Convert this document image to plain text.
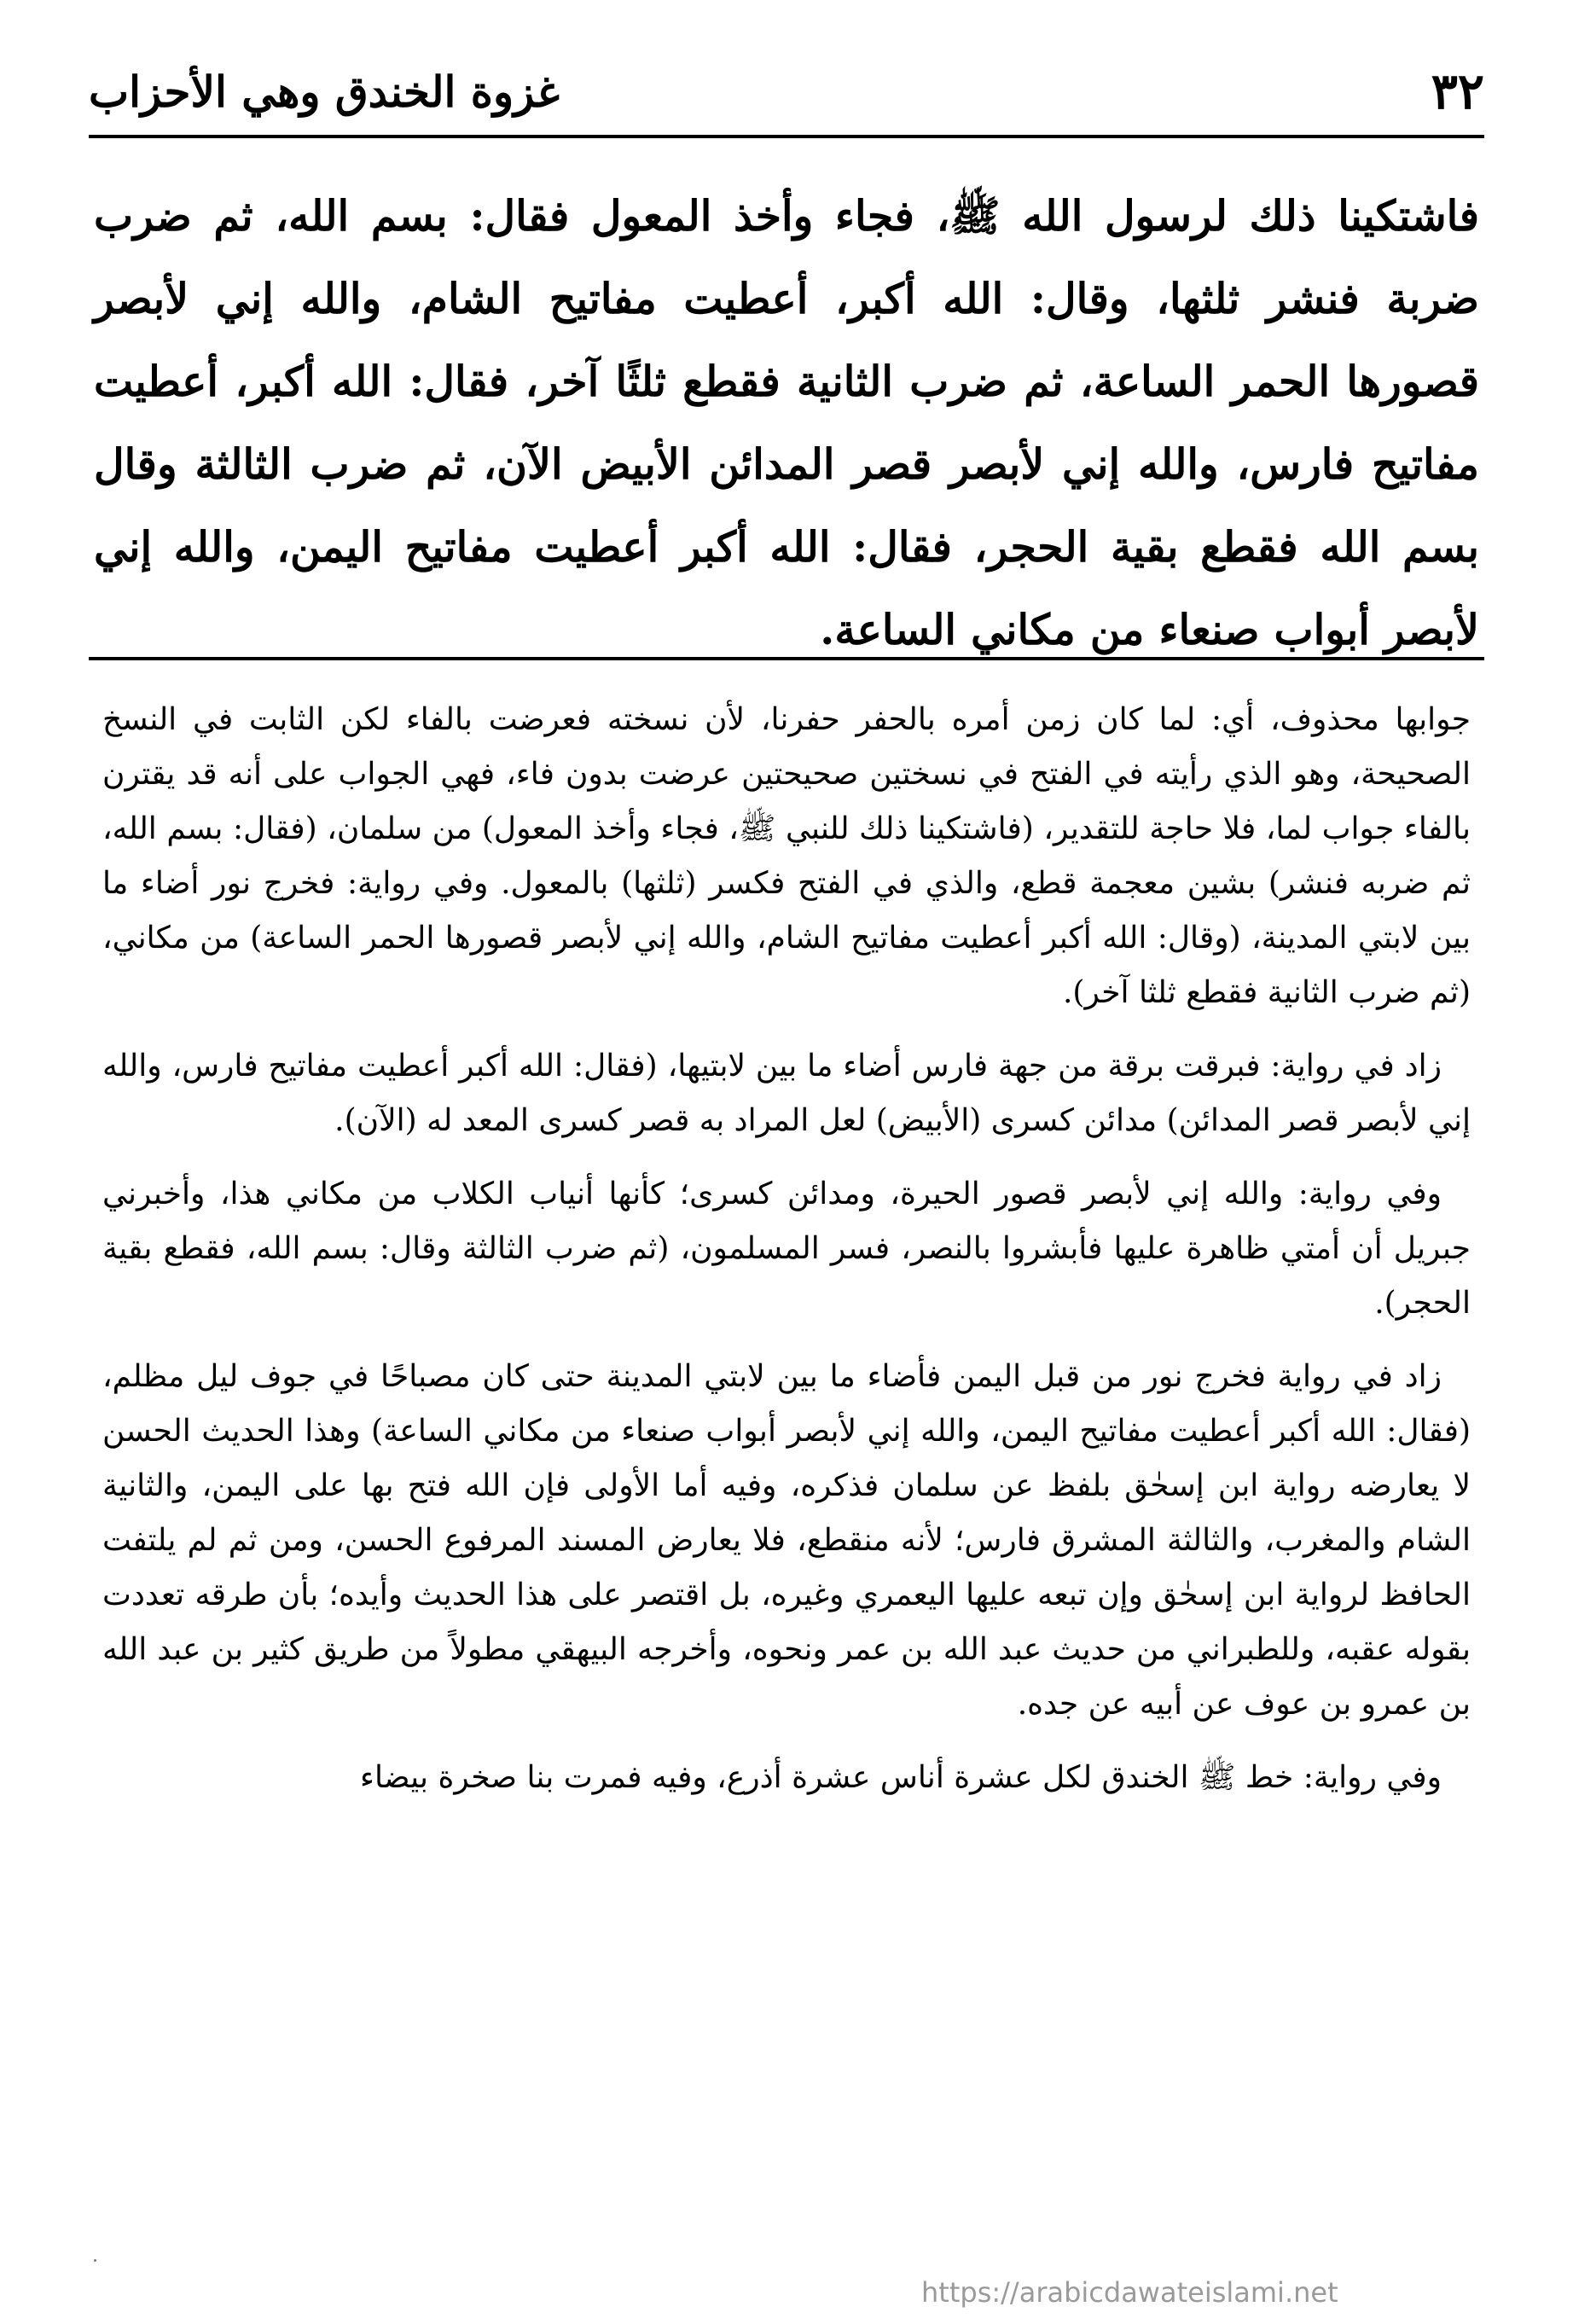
٣٢
غزوة الخندق وهي الأحزاب
فاشتكينا ذلك لرسول الله ﷺ، فجاء وأخذ المعول فقال: بسم الله، ثم ضرب ضربة فنشر ثلثها، وقال: الله أكبر، أعطيت مفاتيح الشام، والله إني لأبصر قصورها الحمر الساعة، ثم ضرب الثانية فقطع ثلثًا آخر، فقال: الله أكبر، أعطيت مفاتيح فارس، والله إني لأبصر قصر المدائن الأبيض الآن، ثم ضرب الثالثة وقال بسم الله فقطع بقية الحجر، فقال: الله أكبر أعطيت مفاتيح اليمن، والله إني لأبصر أبواب صنعاء من مكاني الساعة.

جوابها محذوف، أي: لما كان زمن أمره بالحفر حفرنا، لأن نسخته فعرضت بالفاء لكن الثابت في النسخ الصحيحة، وهو الذي رأيته في الفتح في نسختين صحيحتين عرضت بدون فاء، فهي الجواب على أنه قد يقترن بالفاء جواب لما، فلا حاجة للتقدير، (فاشتكينا ذلك للنبي ﷺ، فجاء وأخذ المعول) من سلمان، (فقال: بسم الله، ثم ضربه فنشر) بشين معجمة قطع، والذي في الفتح فكسر (ثلثها) بالمعول. وفي رواية: فخرج نور أضاء ما بين لابتي المدينة، (وقال: الله أكبر أعطيت مفاتيح الشام، والله إني لأبصر قصورها الحمر الساعة) من مكاني، (ثم ضرب الثانية فقطع ثلثا آخر).

زاد في رواية: فبرقت برقة من جهة فارس أضاء ما بين لابتيها، (فقال: الله أكبر أعطيت مفاتيح فارس، والله إني لأبصر قصر المدائن) مدائن كسرى (الأبيض) لعل المراد به قصر كسرى المعد له (الآن).

وفي رواية: والله إني لأبصر قصور الحيرة، ومدائن كسرى؛ كأنها أنياب الكلاب من مكاني هذا، وأخبرني جبريل أن أمتي ظاهرة عليها فأبشروا بالنصر، فسر المسلمون، (ثم ضرب الثالثة وقال: بسم الله، فقطع بقية الحجر).

زاد في رواية فخرج نور من قبل اليمن فأضاء ما بين لابتي المدينة حتى كان مصباحًا في جوف ليل مظلم، (فقال: الله أكبر أعطيت مفاتيح اليمن، والله إني لأبصر أبواب صنعاء من مكاني الساعة) وهذا الحديث الحسن لا يعارضه رواية ابن إسحٰق بلفظ عن سلمان فذكره، وفيه أما الأولى فإن الله فتح بها على اليمن، والثانية الشام والمغرب، والثالثة المشرق فارس؛ لأنه منقطع، فلا يعارض المسند المرفوع الحسن، ومن ثم لم يلتفت الحافظ لرواية ابن إسحٰق وإن تبعه عليها اليعمري وغيره، بل اقتصر على هذا الحديث وأيده؛ بأن طرقه تعددت بقوله عقبه، وللطبراني من حديث عبد الله بن عمر ونحوه، وأخرجه البيهقي مطولاً من طريق كثير بن عبد الله بن عمرو بن عوف عن أبيه عن جده.

وفي رواية: خط ﷺ الخندق لكل عشرة أناس عشرة أذرع، وفيه فمرت بنا صخرة بيضاء

https://arabicdawateislami.net
